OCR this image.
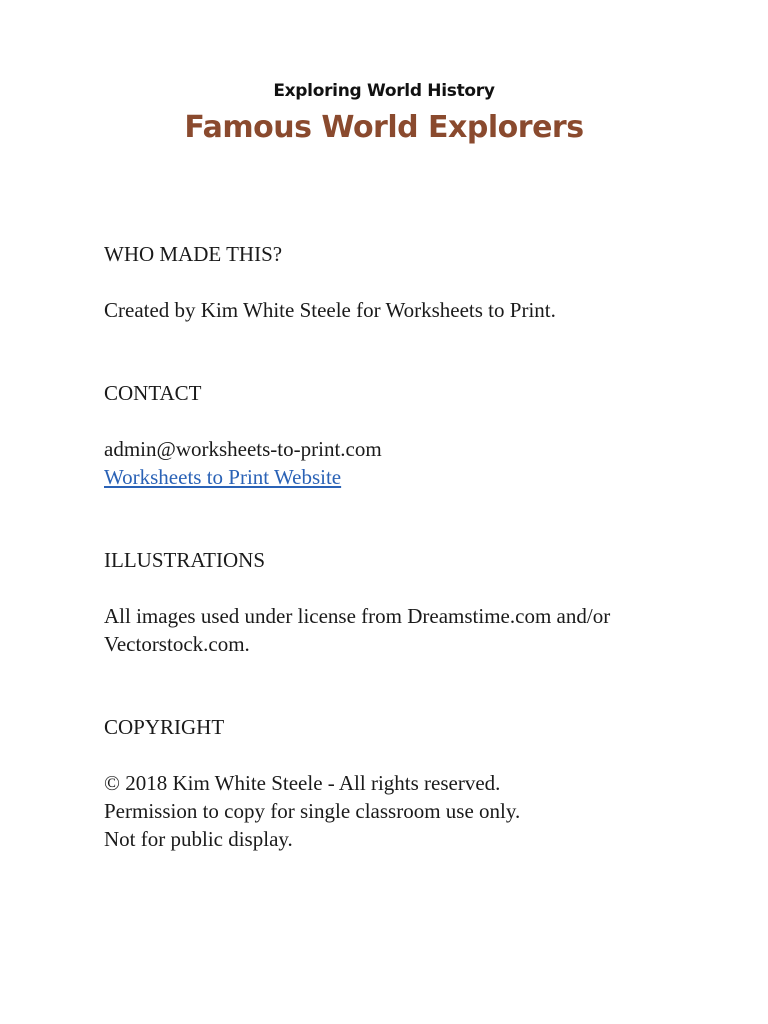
Exploring World History
Famous World Explorers
WHO MADE THIS?
Created by Kim White Steele for Worksheets to Print.
CONTACT
admin@worksheets-to-print.com
Worksheets to Print Website
ILLUSTRATIONS
All images used under license from Dreamstime.com and/or
Vectorstock.com.
COPYRIGHT
© 2018 Kim White Steele - All rights reserved.
Permission to copy for single classroom use only.
Not for public display.
